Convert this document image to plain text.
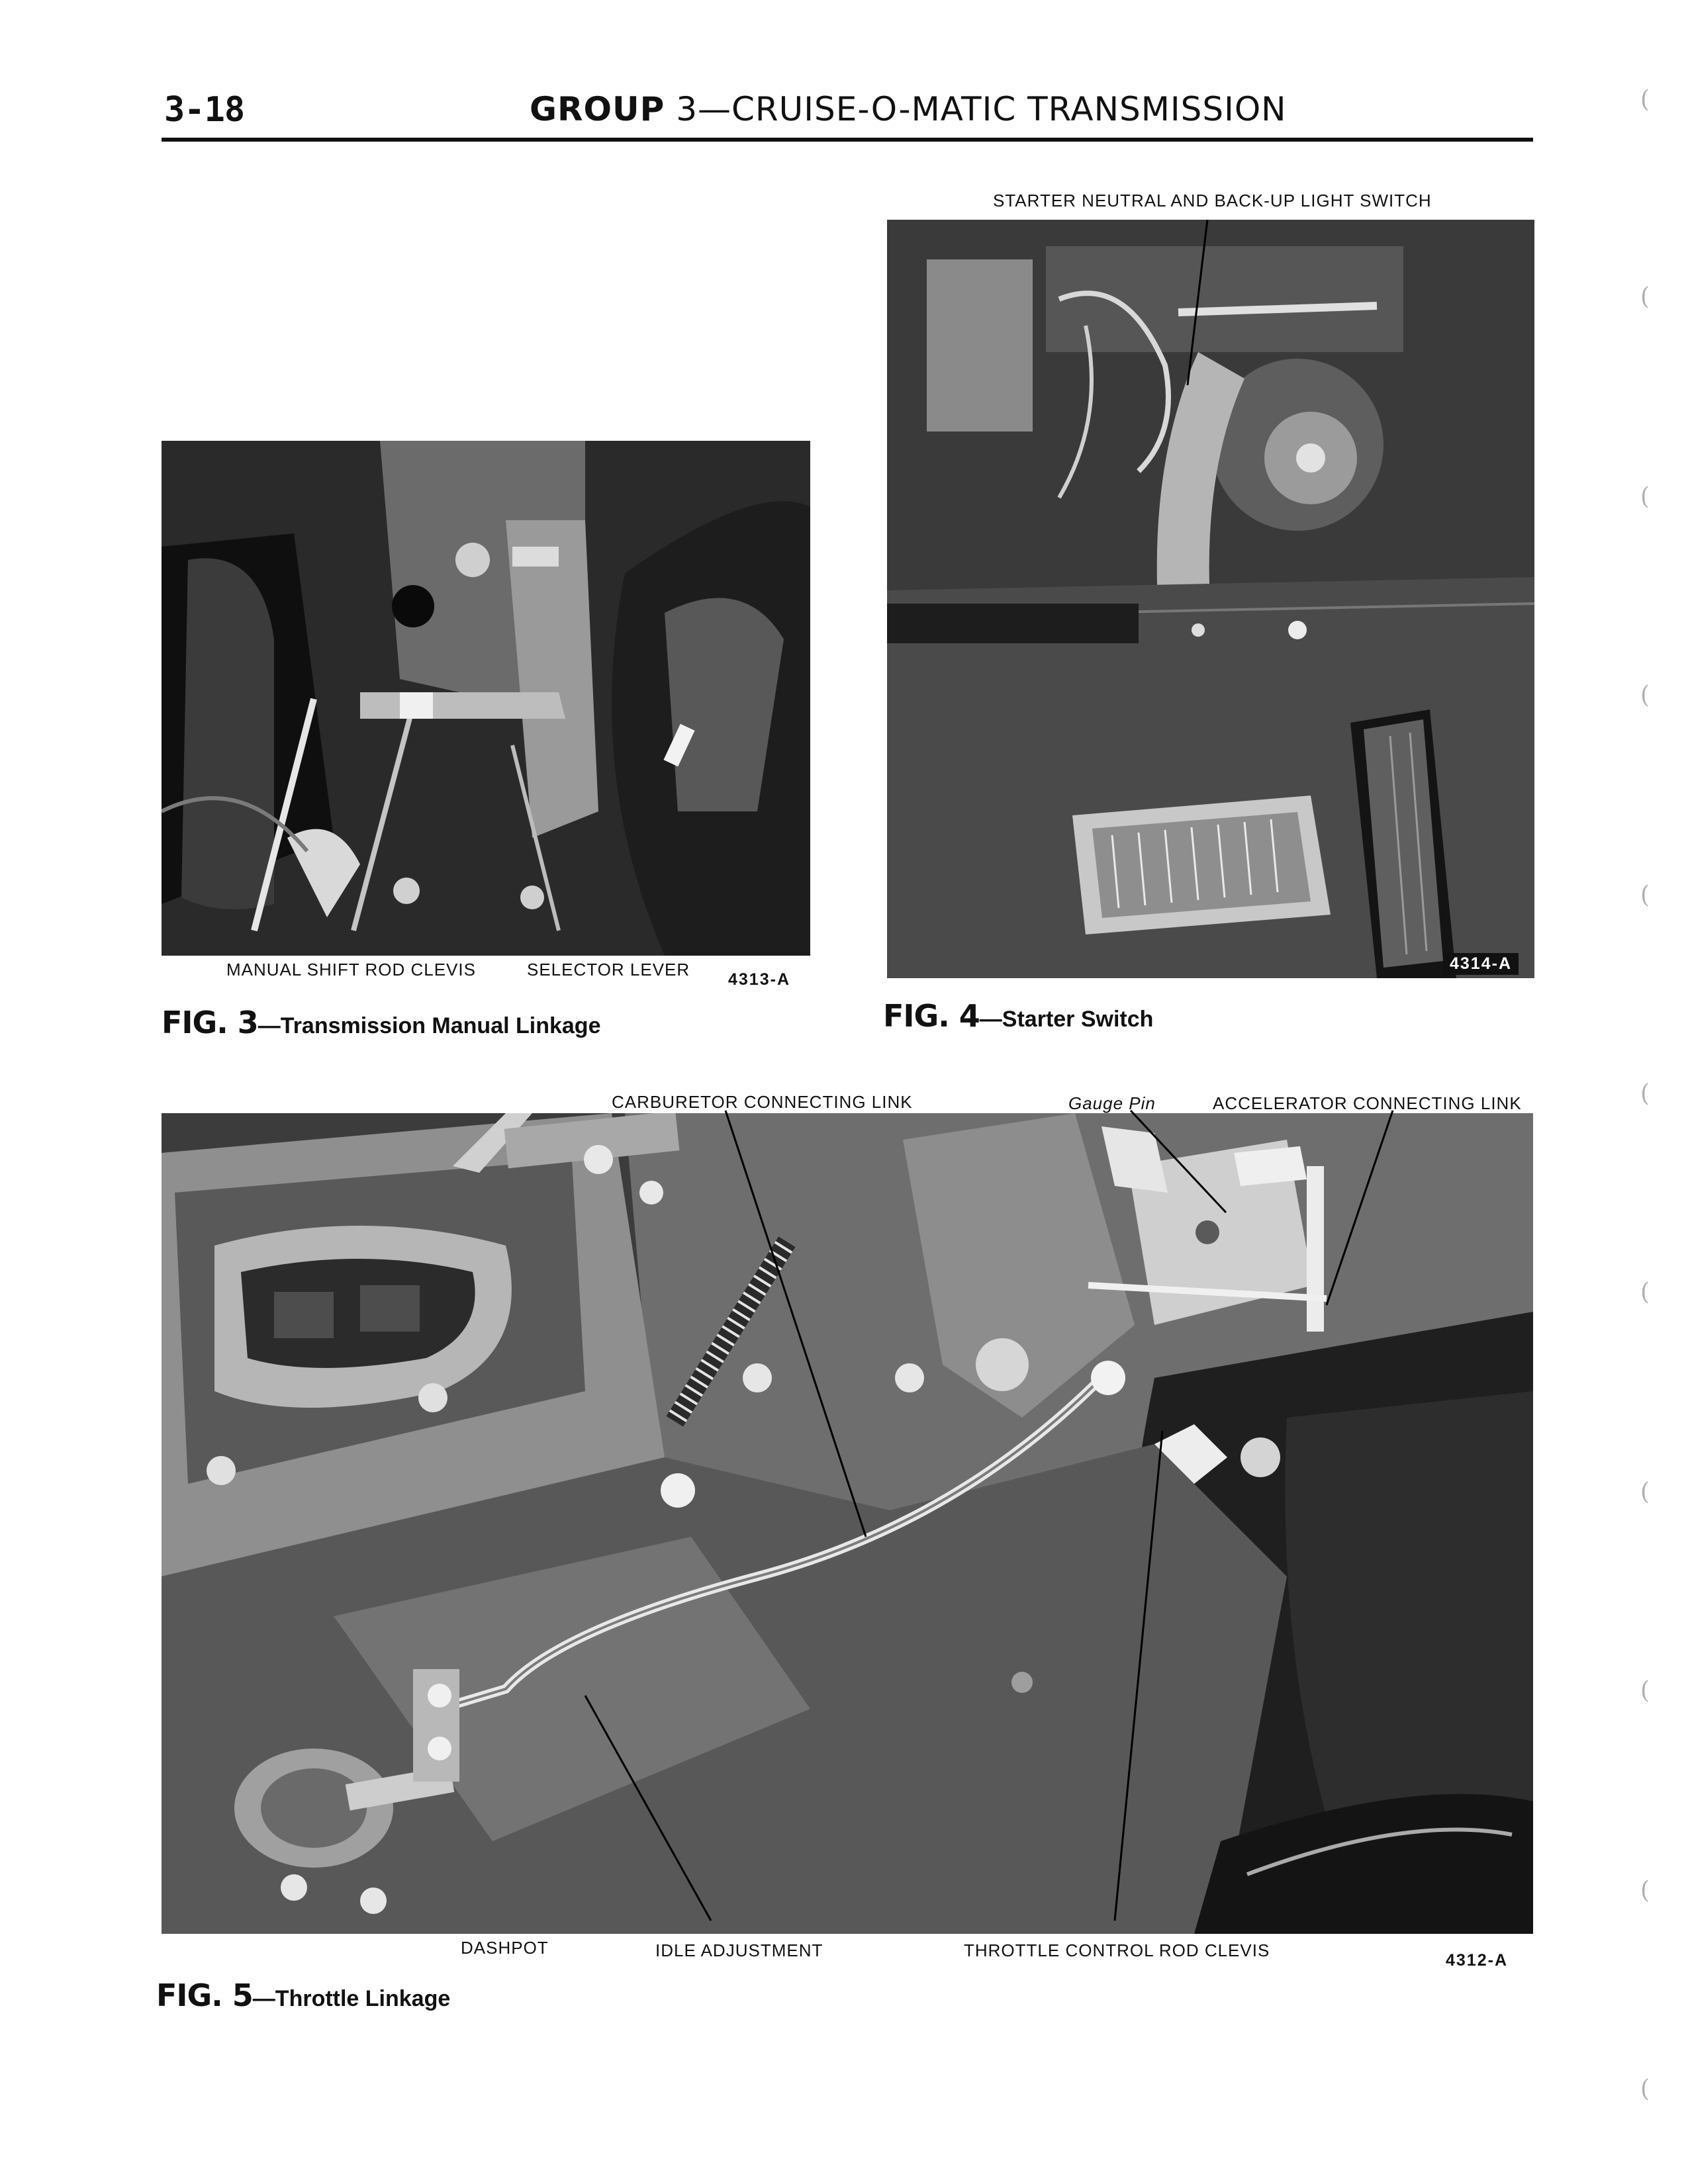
3-18	GROUP 3—CRUISE-O-MATIC TRANSMISSION
MANUAL SHIFT ROD CLEVIS	SELECTOR LEVER 4313-A
FIG. 3—Transmission Manual Linkage
STARTER NEUTRAL AND BACK-UP LIGHT SWITCH
4314-A
FIG. 4—Starter Switch
CARBURETOR CONNECTING LINK	Gauge Pin	ACCELERATOR CONNECTING LINK
DASHPOT	IDLE ADJUSTMENT	THROTTLE CONTROL ROD CLEVIS	4312-A
FIG. 5—Throttle Linkage
(
(
(
(
(
(
(
(
(
(
(
